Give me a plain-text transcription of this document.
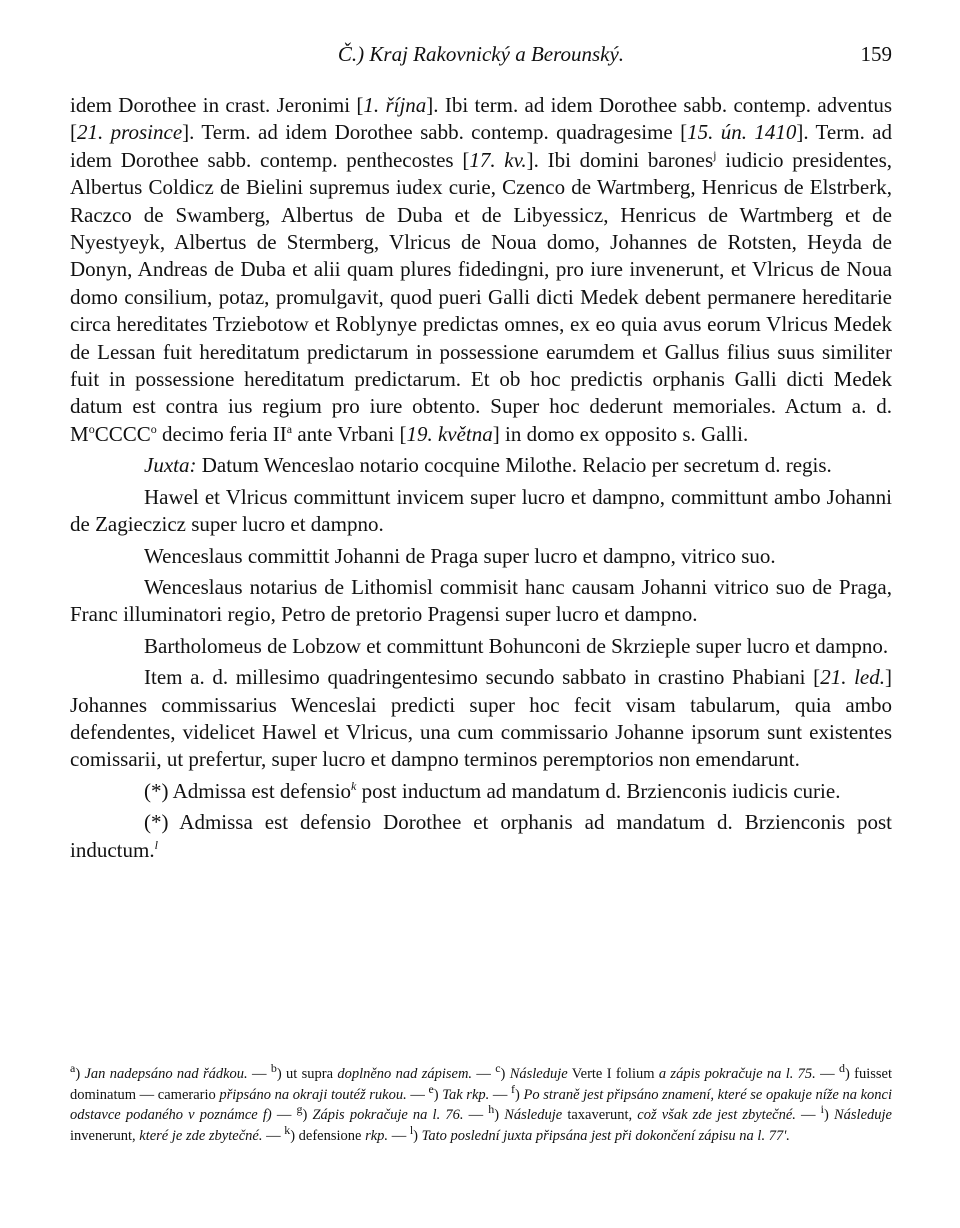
Č.) Kraj Rakovnický a Berounský.	159

idem Dorothee in crast. Jeronimi [1. října]. Ibi term. ad idem Dorothee sabb. contemp. adventus [21. prosince]. Term. ad idem Dorothee sabb. contemp. quadragesime [15. ún. 1410]. Term. ad idem Dorothee sabb. contemp. penthecostes [17. kv.]. Ibi domini barones$^j$ iudicio presidentes, Albertus Coldicz de Bielini supremus iudex curie, Czenco de Wartmberg, Henricus de Elstrberk, Raczco de Swamberg, Albertus de Duba et de Libyessicz, Henricus de Wartmberg et de Nyestyeyk, Albertus de Stermberg, Vlricus de Noua domo, Johannes de Rotsten, Heyda de Donyn, Andreas de Duba et alii quam plures fidedingni, pro iure invenerunt, et Vlricus de Noua domo consilium, potaz, promulgavit, quod pueri Galli dicti Medek debent permanere hereditarie circa hereditates Trziebotow et Roblynye predictas omnes, ex eo quia avus eorum Vlricus Medek de Lessan fuit hereditatum predictarum in possessione earumdem et Gallus filius suus similiter fuit in possessione hereditatum predictarum. Et ob hoc predictis orphanis Galli dicti Medek datum est contra ius regium pro iure obtento. Super hoc dederunt memoriales. Actum a. d. $M^oCCCC^o$ decimo feria $II^a$ ante Vrbani [19. května] in domo ex opposito s. Galli.

Juxta: Datum Wenceslao notario cocquine Milothe. Relacio per secretum d. regis.

Hawel et Vlricus committunt invicem super lucro et dampno, committunt ambo Johanni de Zagieczicz super lucro et dampno.

Wenceslaus committit Johanni de Praga super lucro et dampno, vitrico suo.

Wenceslaus notarius de Lithomisl commisit hanc causam Johanni vitrico suo de Praga, Franc illuminatori regio, Petro de pretorio Pragensi super lucro et dampno.

Bartholomeus de Lobzow et committunt Bohunconi de Skrzieple super lucro et dampno.

Item a. d. millesimo quadringentesimo secundo sabbato in crastino Phabiani [21. led.] Johannes commissarius Wenceslai predicti super hoc fecit visam tabularum, quia ambo defendentes, videlicet Hawel et Vlricus, una cum commissario Johanne ipsorum sunt existentes comissarii, ut prefertur, super lucro et dampno terminos peremptorios non emendarunt.

(*) Admissa est defensio$^k$ post inductum ad mandatum d. Brzienconis iudicis curie.

(*) Admissa est defensio Dorothee et orphanis ad mandatum d. Brzienconis post inductum.$^l$

$^a$) Jan nadepsáno nad řádkou. — $^b$) ut supra doplněno nad zápisem. — $^c$) Následuje Verte I folium a zápis pokračuje na l. 75. — $^d$) fuisset dominatum — camerario připsáno na okraji toutéž rukou. — $^e$) Tak rkp. — $^f$) Po straně jest připsáno znamení, které se opakuje níže na konci odstavce podaného v poznámce f) — $^g$) Zápis pokračuje na l. 76. — $^h$) Následuje taxaverunt, což však zde jest zbytečné. — $^i$) Následuje invenerunt, které je zde zbytečné. — $^k$) defensione rkp. — $^l$) Tato poslední juxta připsána jest při dokončení zápisu na l. 77'.
